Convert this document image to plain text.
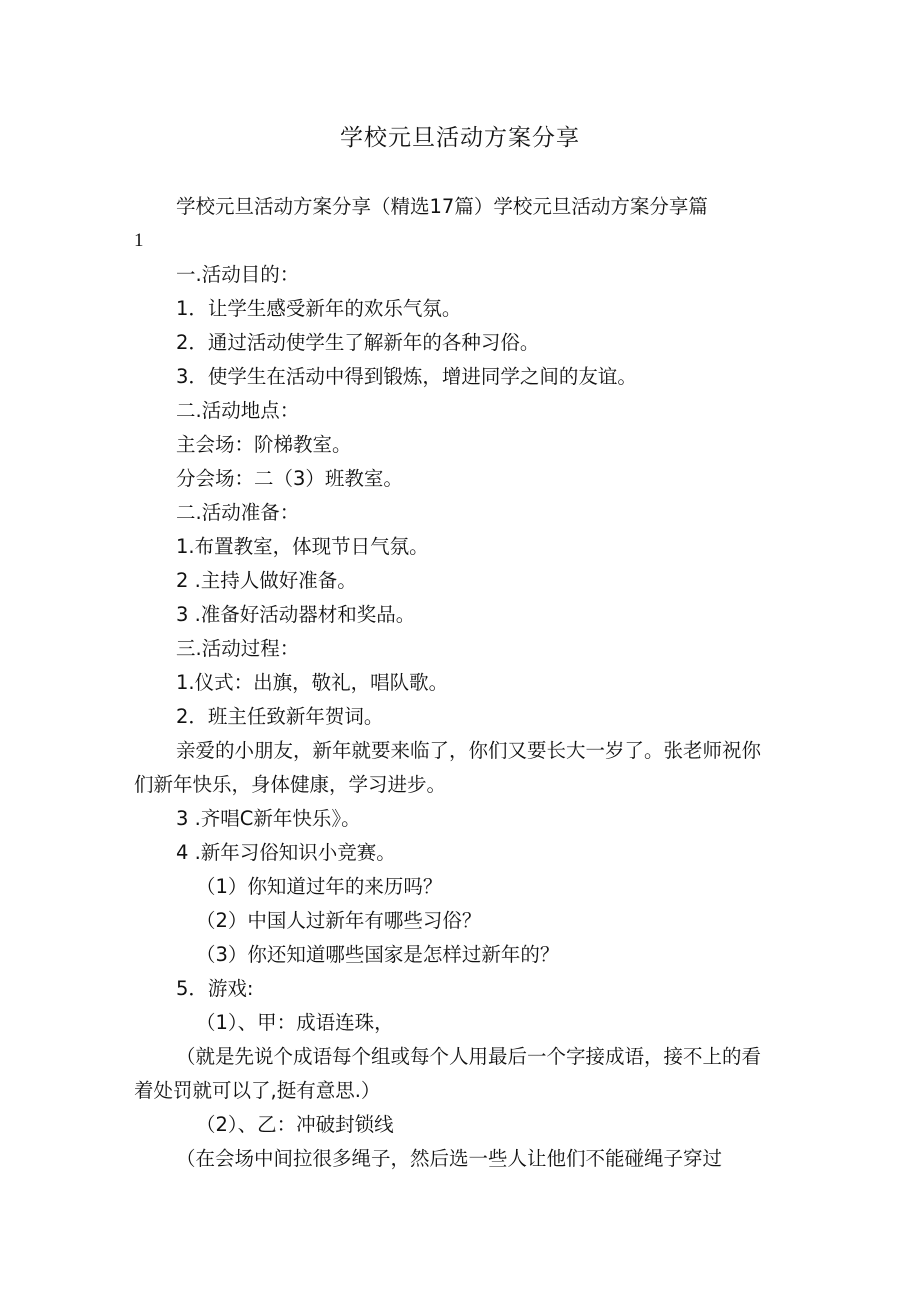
学校元旦活动方案分享
学校元旦活动方案分享（精选17篇）学校元旦活动方案分享篇
1
一.活动目的：
1．让学生感受新年的欢乐气氛。
2．通过活动使学生了解新年的各种习俗。
3．使学生在活动中得到锻炼，增进同学之间的友谊。
二.活动地点：
主会场：阶梯教室。
分会场：二（3）班教室。
二.活动准备：
1.布置教室，体现节日气氛。
2 .主持人做好准备。
3 .准备好活动器材和奖品。
三.活动过程：
1.仪式：出旗，敬礼，唱队歌。
2．班主任致新年贺词。
亲爱的小朋友，新年就要来临了，你们又要长大一岁了。张老师祝你
们新年快乐，身体健康，学习进步。
3 .齐唱C新年快乐》。
4 .新年习俗知识小竞赛。
（1）你知道过年的来历吗？
（2）中国人过新年有哪些习俗？
（3）你还知道哪些国家是怎样过新年的？
5．游戏:
（1）、甲：成语连珠，
（就是先说个成语每个组或每个人用最后一个字接成语，接不上的看
着处罚就可以了,挺有意思.）
（2）、乙：冲破封锁线
（在会场中间拉很多绳子，然后选一些人让他们不能碰绳子穿过
